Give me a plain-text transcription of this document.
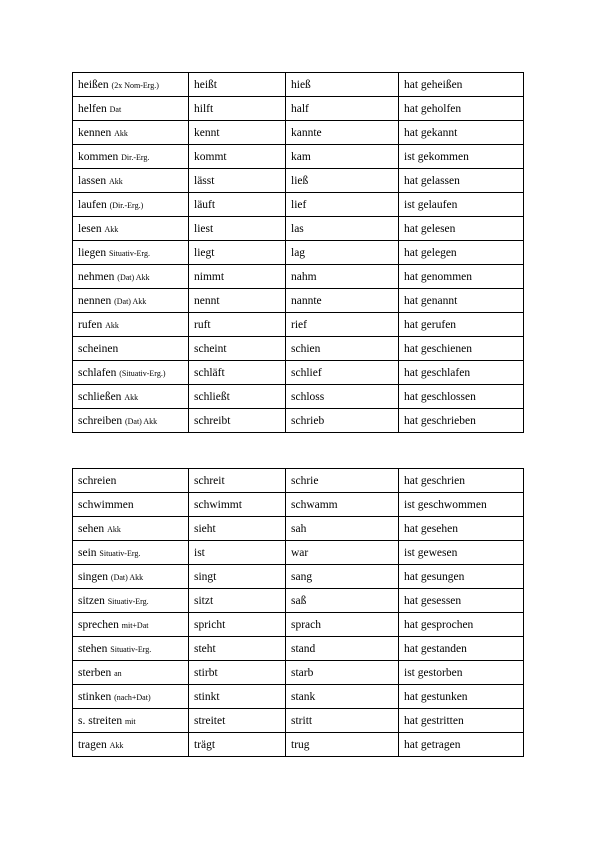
heißen (2x Nom-Erg.)	heißt	hieß	hat geheißen
helfen Dat	hilft	half	hat geholfen
kennen Akk	kennt	kannte	hat gekannt
kommen Dir.-Erg.	kommt	kam	ist gekommen
lassen Akk	lässt	ließ	hat gelassen
laufen (Dir.-Erg.)	läuft	lief	ist gelaufen
lesen Akk	liest	las	hat gelesen
liegen Situativ-Erg.	liegt	lag	hat gelegen
nehmen (Dat) Akk	nimmt	nahm	hat genommen
nennen (Dat) Akk	nennt	nannte	hat genannt
rufen Akk	ruft	rief	hat gerufen
scheinen	scheint	schien	hat geschienen
schlafen (Situativ-Erg.)	schläft	schlief	hat geschlafen
schließen Akk	schließt	schloss	hat geschlossen
schreiben (Dat) Akk	schreibt	schrieb	hat geschrieben
schreien	schreit	schrie	hat geschrien
schwimmen	schwimmt	schwamm	ist geschwommen
sehen Akk	sieht	sah	hat gesehen
sein Situativ-Erg.	ist	war	ist gewesen
singen (Dat) Akk	singt	sang	hat gesungen
sitzen Situativ-Erg.	sitzt	saß	hat gesessen
sprechen mit+Dat	spricht	sprach	hat gesprochen
stehen Situativ-Erg.	steht	stand	hat gestanden
sterben an	stirbt	starb	ist gestorben
stinken (nach+Dat)	stinkt	stank	hat gestunken
s. streiten mit	streitet	stritt	hat gestritten
tragen Akk	trägt	trug	hat getragen
